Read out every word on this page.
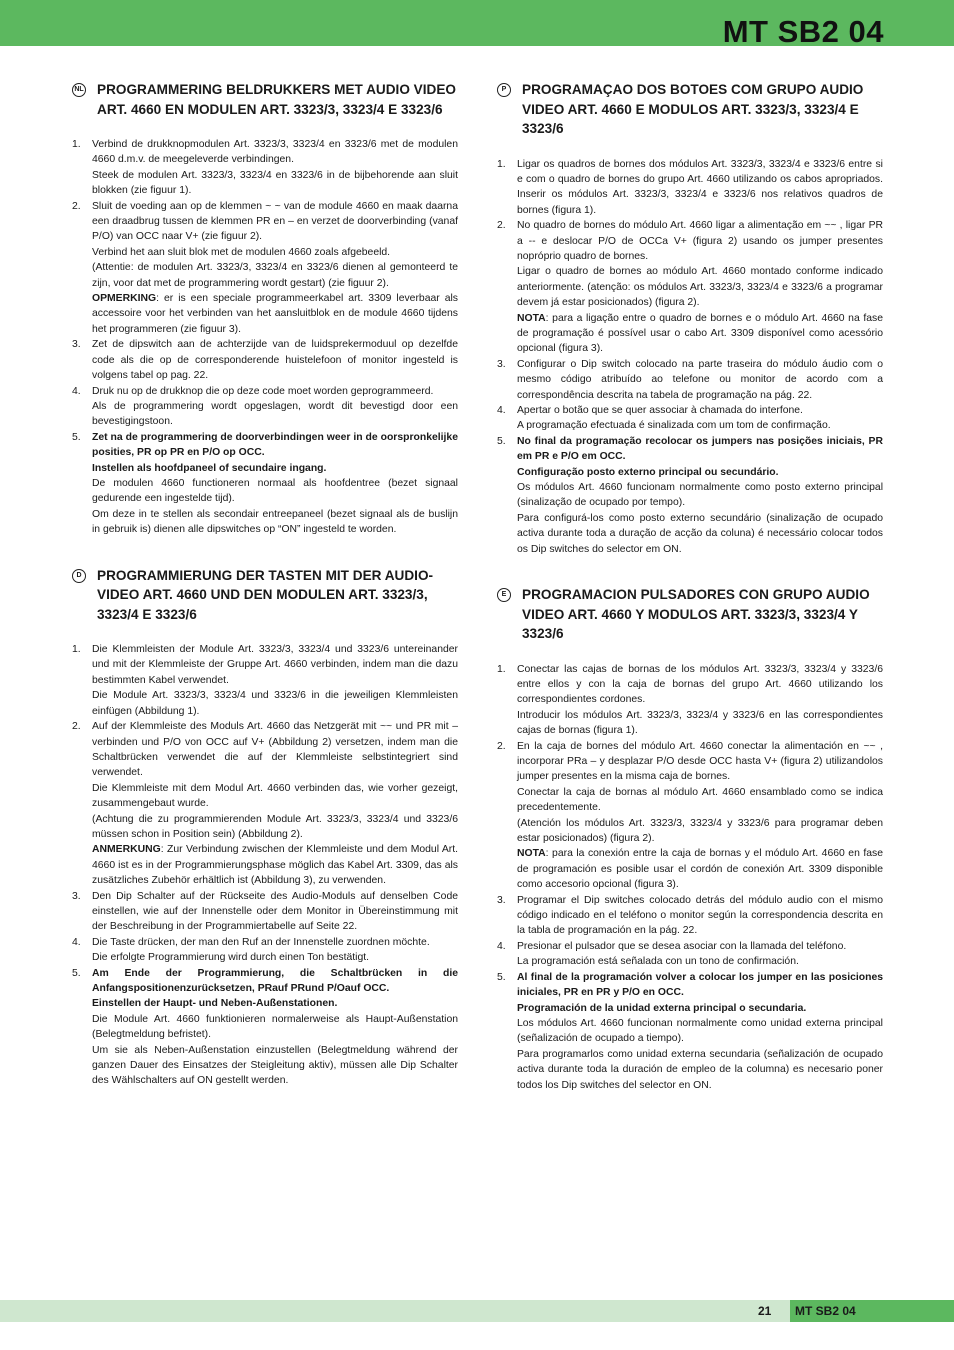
MT SB2 04
NL PROGRAMMERING BELDRUKKERS MET AUDIO VIDEO ART. 4660 EN MODULEN ART. 3323/3, 3323/4 E 3323/6
1.	Verbind de drukknopmodulen Art. 3323/3, 3323/4 en 3323/6 met de modulen 4660 d.m.v. de meegeleverde verbindingen.

Steek de modulen Art. 3323/3, 3323/4 en 3323/6 in de bijbehorende aan sluit blokken (zie figuur 1).

2.	Sluit de voeding aan op de klemmen ~ ~ van de module 4660 en maak daarna een draadbrug tussen de klemmen PR en – en verzet de doorverbinding (vanaf P/O) van OCC naar V+ (zie figuur 2).

Verbind het aan sluit blok met de modulen 4660 zoals afgebeeld.

(Attentie: de modulen Art. 3323/3, 3323/4 en 3323/6 dienen al gemonteerd te zijn, voor dat met de programmering wordt gestart) (zie figuur 2).

OPMERKING: er is een speciale programmeerkabel art. 3309 leverbaar als accessoire voor het verbinden van het aansluitblok en de module 4660 tijdens het programmeren (zie figuur 3).

3.	Zet de dipswitch aan de achterzijde van de luidsprekermoduul op dezelfde code als die op de corresponderende huistelefoon of monitor ingesteld is volgens tabel op pag. 22.

4.	Druk nu op de drukknop die op deze code moet worden geprogrammeerd.

Als de programmering wordt opgeslagen, wordt dit bevestigd door een bevestigingstoon.

5.	Zet na de programmering de doorverbindingen weer in de oorspronkelijke posities, PR op PR en P/O op OCC.

Instellen als hoofdpaneel of secundaire ingang.

De modulen 4660 functioneren normaal als hoofdentree (bezet signaal gedurende een ingestelde tijd).

Om deze in te stellen als secondair entreepaneel (bezet signaal als de buslijn in gebruik is) dienen alle dipswitches op “ON” ingesteld te worden.

D	PROGRAMMIERUNG DER TASTEN MIT DER AUDIO-VIDEO ART. 4660 UND DEN MODULEN ART. 3323/3, 3323/4 E 3323/6
1.	Die Klemmleisten der Module Art. 3323/3, 3323/4 und 3323/6 untereinander und mit der Klemmleiste der Gruppe Art. 4660 verbinden, indem man die dazu bestimmten Kabel verwendet.

Die Module Art. 3323/3, 3323/4 und 3323/6 in die jeweiligen Klemmleisten einfügen (Abbildung 1).

2.	Auf der Klemmleiste des Moduls Art. 4660 das Netzgerät mit ~~ und PR mit – verbinden und P/O von OCC auf V+ (Abbildung 2) versetzen, indem man die Schaltbrücken verwendet die auf der Klemmleiste selbstintegriert sind verwendet.

Die Klemmleiste mit dem Modul Art. 4660 verbinden das, wie vorher gezeigt, zusammengebaut wurde.

(Achtung die zu programmierenden Module Art. 3323/3, 3323/4 und 3323/6 müssen schon in Position sein) (Abbildung 2).

ANMERKUNG: Zur Verbindung zwischen der Klemmleiste und dem Modul Art. 4660 ist es in der Programmierungsphase möglich das Kabel Art. 3309, das als zusätzliches Zubehör erhältlich ist (Abbildung 3), zu verwenden.

3.	Den Dip Schalter auf der Rückseite des Audio-Moduls auf denselben Code einstellen, wie auf der Innenstelle oder dem Monitor in Übereinstimmung mit der Beschreibung in der Programmiertabelle auf Seite 22.

4.	Die Taste drücken, der man den Ruf an der Innenstelle zuordnen möchte.

Die erfolgte Programmierung wird durch einen Ton bestätigt.

5.	Am Ende der Programmierung, die Schaltbrücken in die Anfangspositionenzurücksetzen, PRauf PRund P/Oauf OCC.

Einstellen der Haupt- und Neben-Außenstationen.

Die Module Art. 4660 funktionieren normalerweise als Haupt-Außenstation (Belegtmeldung befristet).

Um sie als Neben-Außenstation einzustellen (Belegtmeldung während der ganzen Dauer des Einsatzes der Steigleitung aktiv), müssen alle Dip Schalter des Wählschalters auf ON gestellt werden.

P	PROGRAMAÇAO DOS BOTOES COM GRUPO AUDIO VIDEO ART. 4660 E MODULOS ART. 3323/3, 3323/4 E 3323/6
1.	Ligar os quadros de bornes dos módulos Art. 3323/3, 3323/4 e 3323/6 entre si e com o quadro de bornes do grupo Art. 4660 utilizando os cabos apropriados. Inserir os módulos Art. 3323/3, 3323/4 e 3323/6 nos relativos quadros de bornes (figura 1).

2.	No quadro de bornes do módulo Art. 4660 ligar a alimentação em ~~ , ligar PR a -- e deslocar P/O de OCCa V+ (figura 2) usando os jumper presentes nopróprio quadro de bornes.

Ligar o quadro de bornes ao módulo Art. 4660 montado conforme indicado anteriormente. (atenção: os módulos Art. 3323/3, 3323/4 e 3323/6 a programar devem já estar posicionados) (figura 2).

NOTA: para a ligação entre o quadro de bornes e o módulo Art. 4660 na fase de programação é possível usar o cabo Art. 3309 disponível como acessório opcional (figura 3).

3.	Configurar o Dip switch colocado na parte traseira do módulo áudio com o mesmo código atribuído ao telefone ou monitor de acordo com a correspondência descrita na tabela de programação na pág. 22.

4.	Apertar o botão que se quer associar à chamada do interfone.

A programação efectuada é sinalizada com um tom de confirmação.

5.	No final da programação recolocar os jumpers nas posições iniciais, PR em PR e P/O em OCC.

Configuração posto externo principal ou secundário.

Os módulos Art. 4660 funcionam normalmente como posto externo principal (sinalização de ocupado por tempo).

Para configurá-los como posto externo secundário (sinalização de ocupado activa durante toda a duração de acção da coluna) é necessário colocar todos os Dip switches do selector em ON.

E	PROGRAMACION PULSADORES CON GRUPO AUDIO VIDEO ART. 4660 Y MODULOS ART. 3323/3, 3323/4 Y 3323/6
1.	Conectar las cajas de bornas de los módulos Art. 3323/3, 3323/4 y 3323/6 entre ellos y con la caja de bornas del grupo Art. 4660 utilizando los correspondientes cordones.

Introducir los módulos Art. 3323/3, 3323/4 y 3323/6 en las correspondientes cajas de bornas (figura 1).

2.	En la caja de bornes del módulo Art. 4660 conectar la alimentación en ~~ , incorporar PRa – y desplazar P/O desde OCC hasta V+ (figura 2) utilizandolos jumper presentes en la misma caja de bornes.

Conectar la caja de bornas al módulo Art. 4660 ensamblado como se indica precedentemente.

(Atención los módulos Art. 3323/3, 3323/4 y 3323/6 para programar deben estar posicionados) (figura 2).

NOTA: para la conexión entre la caja de bornas y el módulo Art. 4660 en fase de programación es posible usar el cordón de conexión Art. 3309 disponible como accesorio opcional (figura 3).

3.	Programar el Dip switches colocado detrás del módulo audio con el mismo código indicado en el teléfono o monitor según la correspondencia descrita en la tabla de programación en la pág. 22.

4.	Presionar el pulsador que se desea asociar con la llamada del teléfono.

La programación está señalada con un tono de confirmación.

5.	Al final de la programación volver a colocar los jumper en las posiciones iniciales, PR en PR y P/O en OCC.

Programación de la unidad externa principal o secundaria.

Los módulos Art. 4660 funcionan normalmente como unidad externa principal (señalización de ocupado a tiempo).

Para programarlos como unidad externa secundaria (señalización de ocupado activa durante toda la duración de empleo de la columna) es necesario poner todos los Dip switches del selector en ON.

21 MT SB2 04
